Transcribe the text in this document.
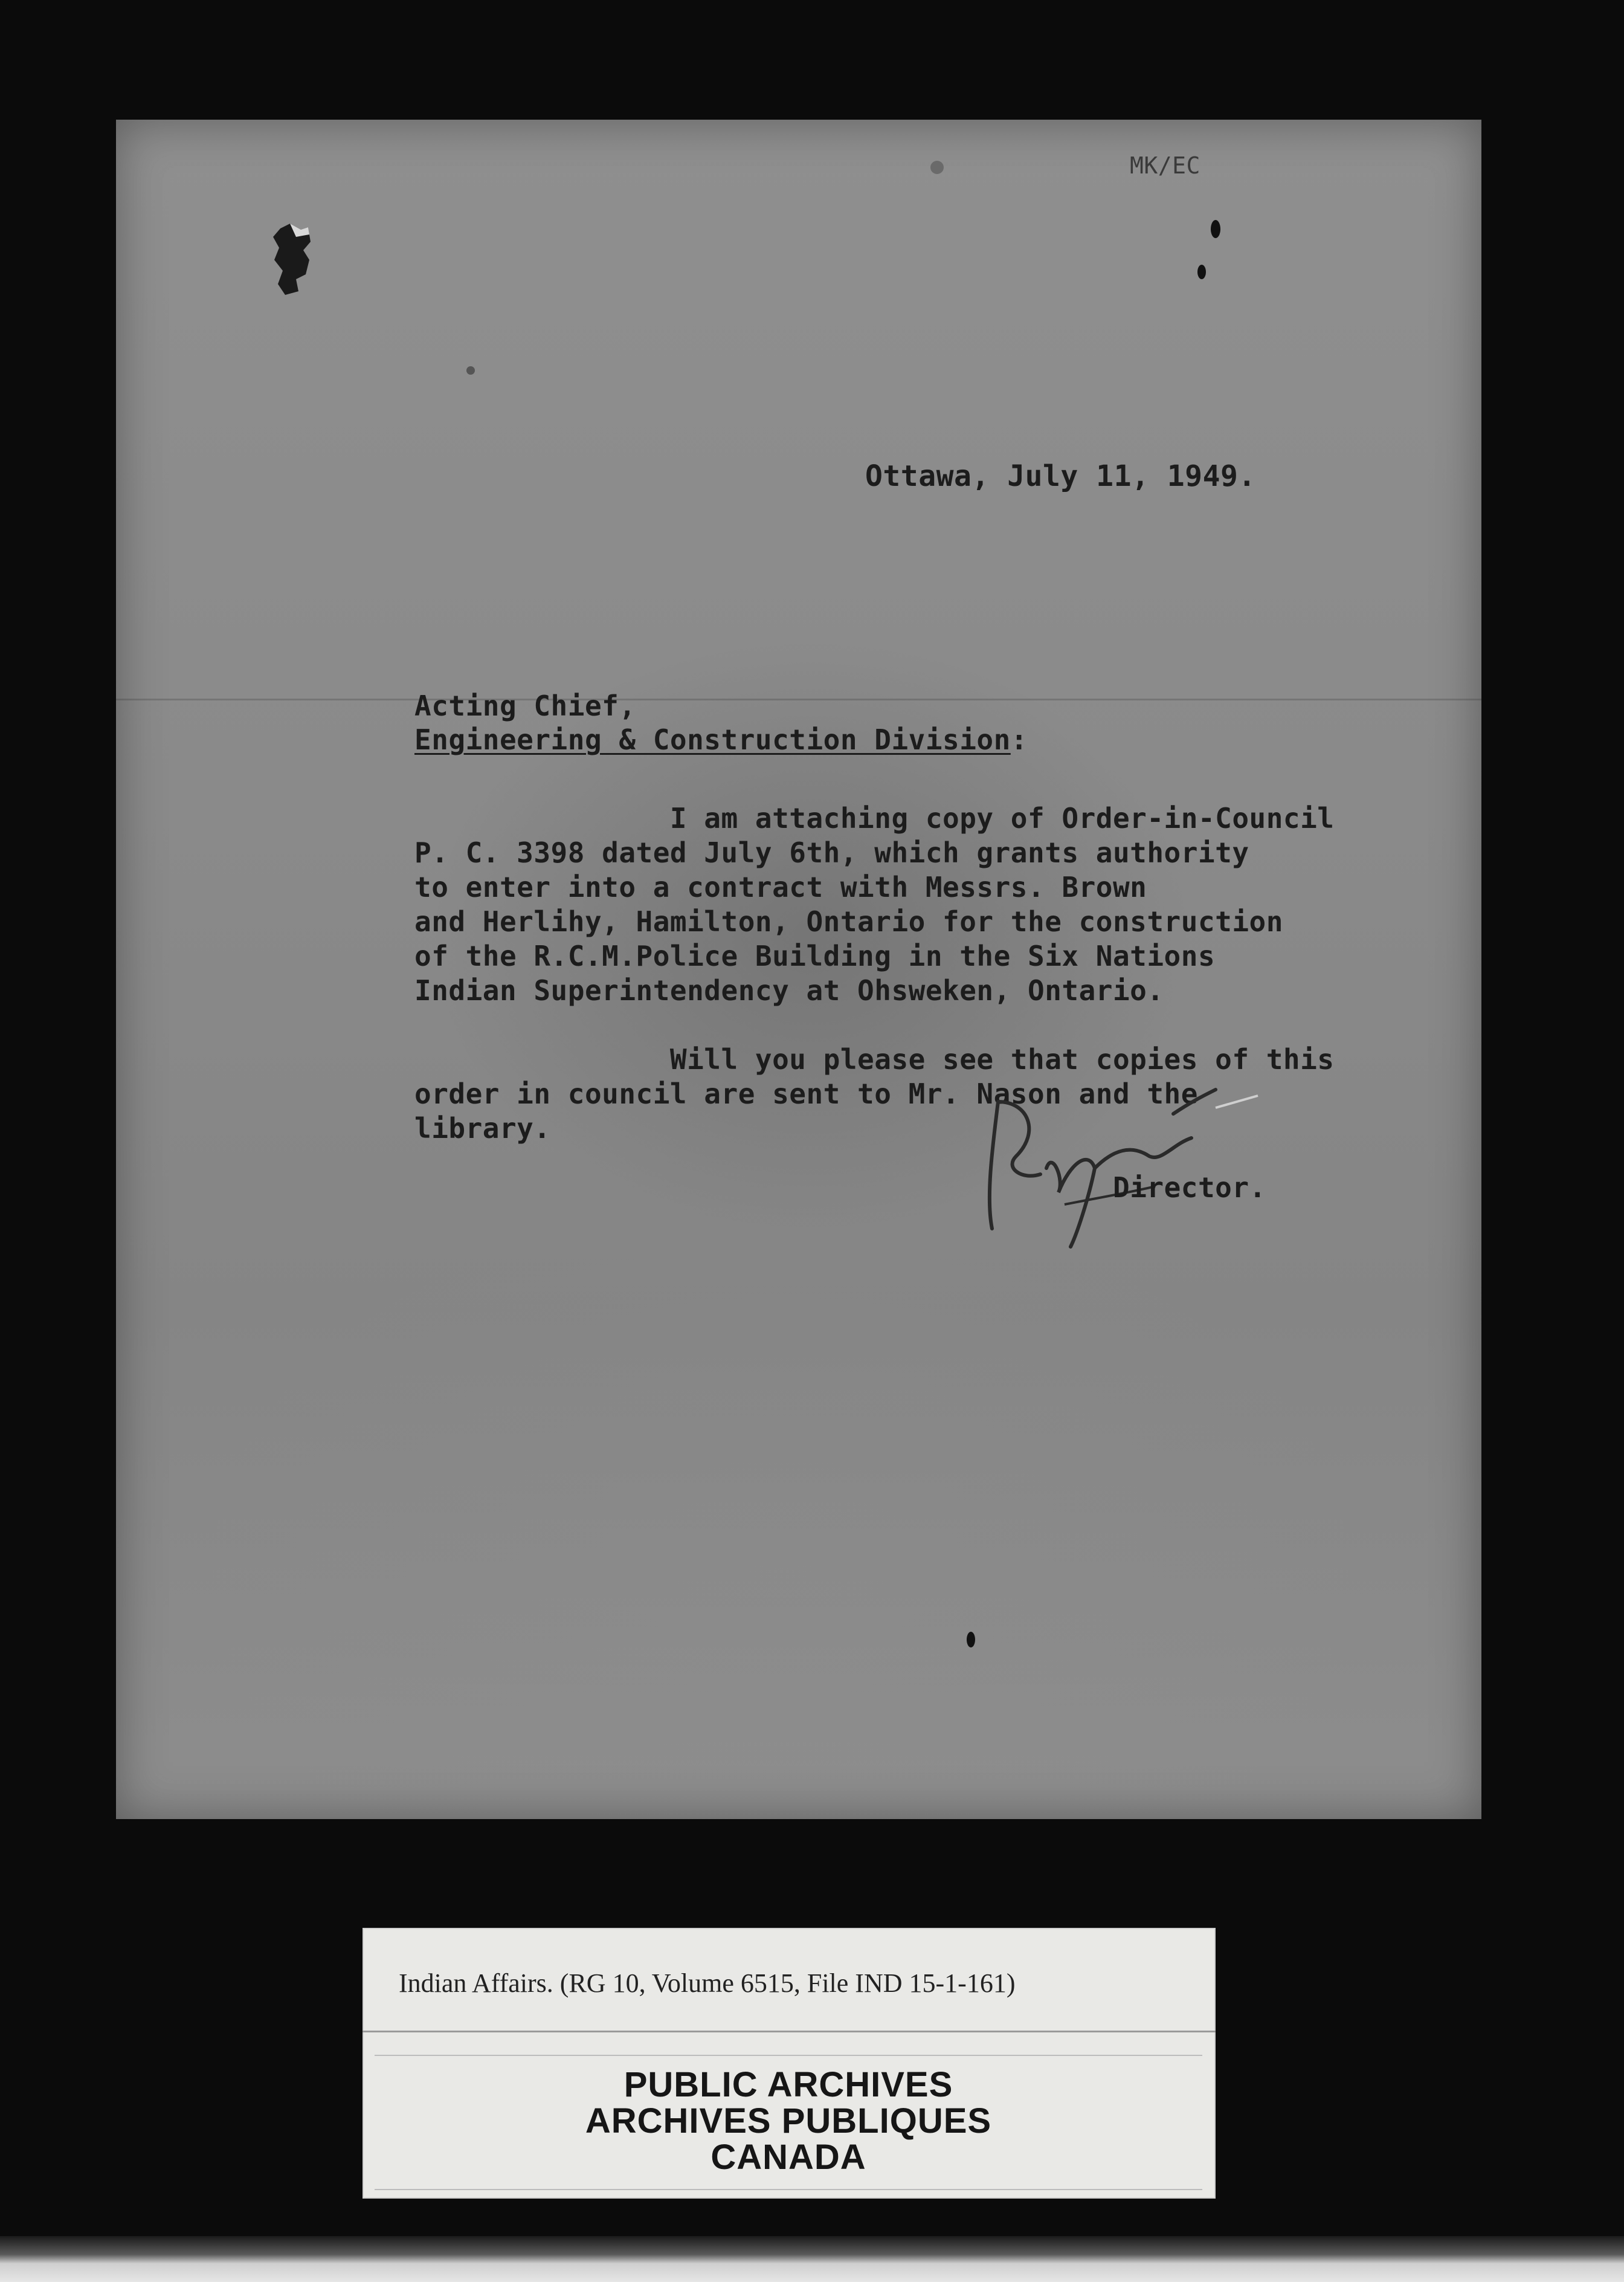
MK/EC
Ottawa, July 11, 1949.
Acting Chief,
Engineering & Construction Division:
I am attaching copy of Order-in-Council
P. C. 3398 dated July 6th, which grants authority
to enter into a contract with Messrs. Brown
and Herlihy, Hamilton, Ontario for the construction
of the R.C.M.Police Building in the Six Nations
Indian Superintendency at Ohsweken, Ontario.

Will you please see that copies of this
order in council are sent to Mr. Nason and the
library.
Director.
Indian Affairs. (RG 10, Volume 6515, File IND 15-1-161)
PUBLIC ARCHIVES
ARCHIVES PUBLIQUES
CANADA
